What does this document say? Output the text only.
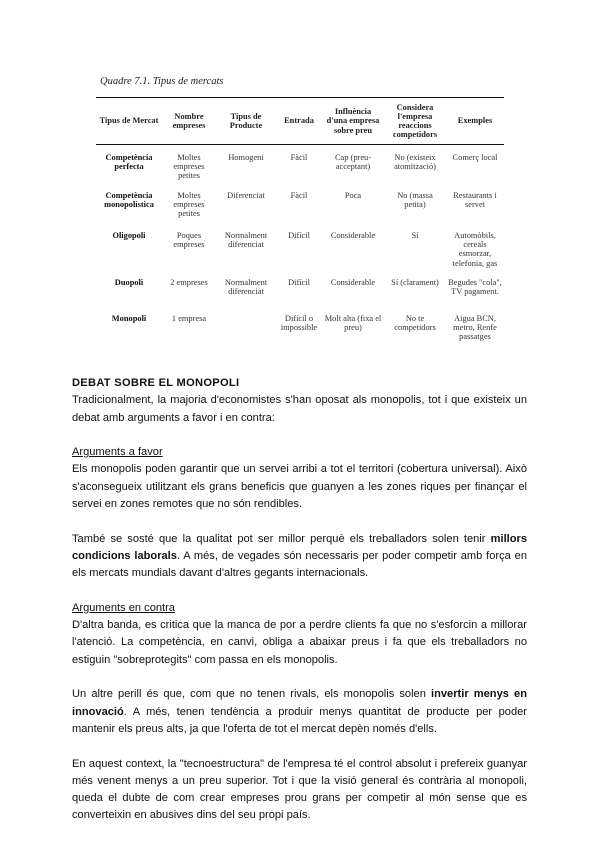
Quadre 7.1. Tipus de mercats
Tipus de Mercat	Nombre empreses	Tipus de Producte	Entrada	Influència d'una empresa sobre preu	Considera l'empresa reaccions competidors	Exemples
Competència perfecta	Moltes empreses petites	Homogeni	Fàcil	Cap (preu-acceptant)	No (existeix atomització)	Comerç local
Competència monopolística	Moltes empreses petites	Diferenciat	Fàcil	Poca	No (massa petita)	Restaurants i servei
Oligopoli	Poques empreses	Normalment diferenciat	Difícil	Considerable	Sí	Automòbils, cereals esmorzar, telefonia, gas
Duopoli	2 empreses	Normalment diferenciat	Difícil	Considerable	Sí (clarament)	Begudes "cola", TV pagament.
Monopoli	1 empresa		Difícil o impossible	Molt alta (fixa el preu)	No te competidors	Aigua BCN, metro, Renfe passatges

DEBAT SOBRE EL MONOPOLI

Tradicionalment, la majoria d'economistes s'han oposat als monopolis, tot i que existeix un debat amb arguments a favor i en contra:

Arguments a favor

Els monopolis poden garantir que un servei arribi a tot el territori (cobertura universal). Això s'aconsegueix utilitzant els grans beneficis que guanyen a les zones riques per finançar el servei en zones remotes que no són rendibles.

També se sosté que la qualitat pot ser millor perquè els treballadors solen tenir millors condicions laborals. A més, de vegades són necessaris per poder competir amb força en els mercats mundials davant d'altres gegants internacionals.

Arguments en contra

D'altra banda, es critica que la manca de por a perdre clients fa que no s'esforcin a millorar l'atenció. La competència, en canvi, obliga a abaixar preus i fa que els treballadors no estiguin "sobreprotegits" com passa en els monopolis.

Un altre perill és que, com que no tenen rivals, els monopolis solen invertir menys en innovació. A més, tenen tendència a produir menys quantitat de producte per poder mantenir els preus alts, ja que l'oferta de tot el mercat depèn només d'ells.

En aquest context, la "tecnoestructura" de l'empresa té el control absolut i prefereix guanyar més venent menys a un preu superior. Tot i que la visió general és contrària al monopoli, queda el dubte de com crear empreses prou grans per competir al món sense que es converteixin en abusives dins del seu propi país.
